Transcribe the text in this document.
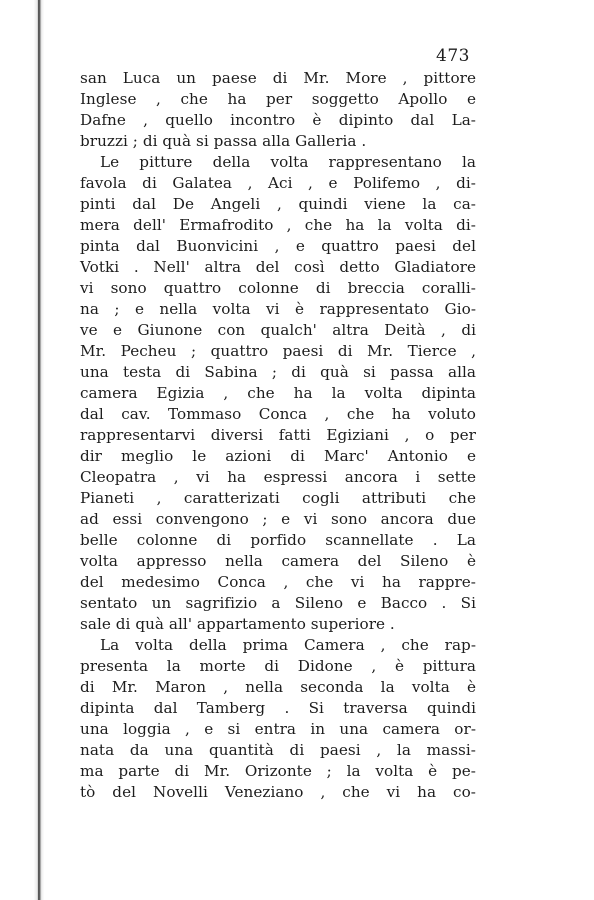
473
san Luca un paese di Mr. More , pittore
Inglese , che ha per soggetto Apollo e
Dafne , quello incontro è dipinto dal La-
bruzzi ; di quà si passa alla Galleria .
Le pitture della volta rappresentano la
favola di Galatea , Aci , e Polifemo , di-
pinti dal De Angeli , quindi viene la ca-
mera dell' Ermafrodito , che ha la volta di-
pinta dal Buonvicini , e quattro paesi del
Votki . Nell' altra del così detto Gladiatore
vi sono quattro colonne di breccia coralli-
na ; e nella volta vi è rappresentato Gio-
ve e Giunone con qualch' altra Deità , di
Mr. Pecheu ; quattro paesi di Mr. Tierce ,
una testa di Sabina ; di quà si passa alla
camera Egizia , che ha la volta dipinta
dal cav. Tommaso Conca , che ha voluto
rappresentarvi diversi fatti Egiziani , o per
dir meglio le azioni di Marc' Antonio e
Cleopatra , vi ha espressi ancora i sette
Pianeti , caratterizati cogli attributi che
ad essi convengono ; e vi sono ancora due
belle colonne di porfido scannellate . La
volta appresso nella camera del Sileno è
del medesimo Conca , che vi ha rappre-
sentato un sagrifizio a Sileno e Bacco . Si
sale di quà all' appartamento superiore .
La volta della prima Camera , che rap-
presenta la morte di Didone , è pittura
di Mr. Maron , nella seconda la volta è
dipinta dal Tamberg . Si traversa quindi
una loggia , e si entra in una camera or-
nata da una quantità di paesi , la massi-
ma parte di Mr. Orizonte ; la volta è pe-
tò del Novelli Veneziano , che vi ha co-
